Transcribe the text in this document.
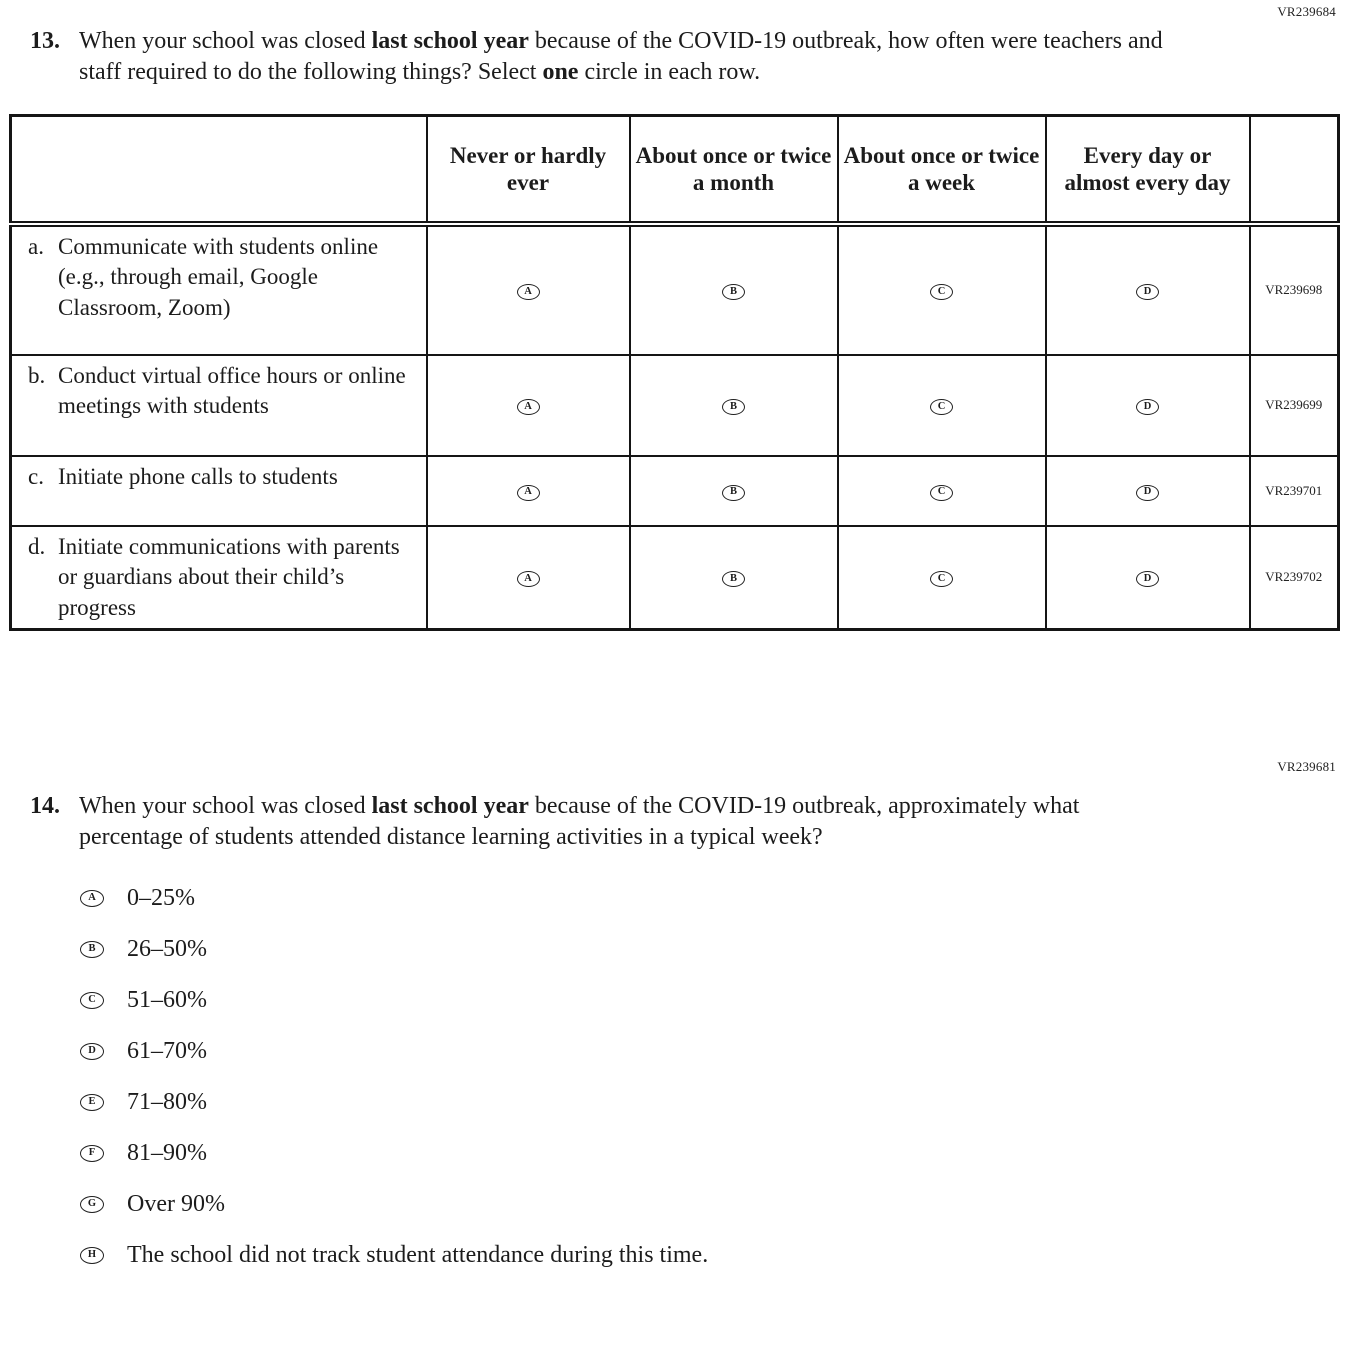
VR239684
13. When your school was closed last school year because of the COVID-19 outbreak, how often were teachers and staff required to do the following things? Select one circle in each row.
	Never or hardly ever	About once or twice a month	About once or twice a week	Every day or almost every day	

a. Communicate with students online (e.g., through email, Google Classroom, Zoom)	A	B	C	D	VR239698

b. Conduct virtual office hours or online meetings with students	A	B	C	D	VR239699

c. Initiate phone calls to students	A	B	C	D	VR239701

d. Initiate communications with parents or guardians about their child’s progress	A	B	C	D	VR239702
VR239681
14. When your school was closed last school year because of the COVID-19 outbreak, approximately what percentage of students attended distance learning activities in a typical week?
A	0–25%
B	26–50%
C	51–60%
D	61–70%
E	71–80%
F	81–90%
G	Over 90%
H	The school did not track student attendance during this time.
